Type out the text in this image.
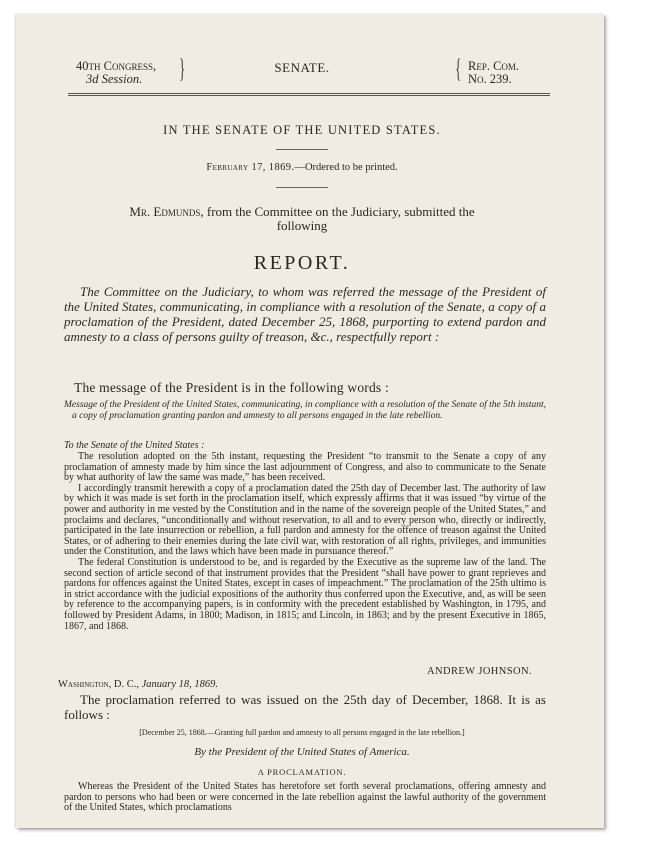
40th Congress,
3d Session.	}	SENATE.	{ Rep. Com.
No. 239.
IN THE SENATE OF THE UNITED STATES.
February 17, 1869.—Ordered to be printed.
Mr. Edmunds, from the Committee on the Judiciary, submitted the following
REPORT.
The Committee on the Judiciary, to whom was referred the message of the President of the United States, communicating, in compliance with a resolution of the Senate, a copy of a proclamation of the President, dated December 25, 1868, purporting to extend pardon and amnesty to a class of persons guilty of treason, &c., respectfully report :
The message of the President is in the following words :
Message of the President of the United States, communicating, in compliance with a resolution of the Senate of the 5th instant, a copy of proclamation granting pardon and amnesty to all persons engaged in the late rebellion.
To the Senate of the United States :

The resolution adopted on the 5th instant, requesting the President “to transmit to the Senate a copy of any proclamation of amnesty made by him since the last adjournment of Congress, and also to communicate to the Senate by what authority of law the same was made,” has been received.

I accordingly transmit herewith a copy of a proclamation dated the 25th day of December last. The authority of law by which it was made is set forth in the proclamation itself, which expressly affirms that it was issued “by virtue of the power and authority in me vested by the Constitution and in the name of the sovereign people of the United States,” and proclaims and declares, “unconditionally and without reservation, to all and to every person who, directly or indirectly, participated in the late insurrection or rebellion, a full pardon and amnesty for the offence of treason against the United States, or of adhering to their enemies during the late civil war, with restoration of all rights, privileges, and immunities under the Constitution, and the laws which have been made in pursuance thereof.”

The federal Constitution is understood to be, and is regarded by the Executive as the supreme law of the land. The second section of article second of that instrument provides that the President “shall have power to grant reprieves and pardons for offences against the United States, except in cases of impeachment.” The proclamation of the 25th ultimo is in strict accordance with the judicial expositions of the authority thus conferred upon the Executive, and, as will be seen by reference to the accompanying papers, is in conformity with the precedent established by Washington, in 1795, and followed by President Adams, in 1800; Madison, in 1815; and Lincoln, in 1863; and by the present Executive in 1865, 1867, and 1868.

ANDREW JOHNSON.
Washington, D. C., January 18, 1869.
The proclamation referred to was issued on the 25th day of December, 1868. It is as follows :
[December 25, 1868.—Granting full pardon and amnesty to all persons engaged in the late rebellion.]
By the President of the United States of America.
A PROCLAMATION.
Whereas the President of the United States has heretofore set forth several proclamations, offering amnesty and pardon to persons who had been or were concerned in the late rebellion against the lawful authority of the government of the United States, which proclamations
